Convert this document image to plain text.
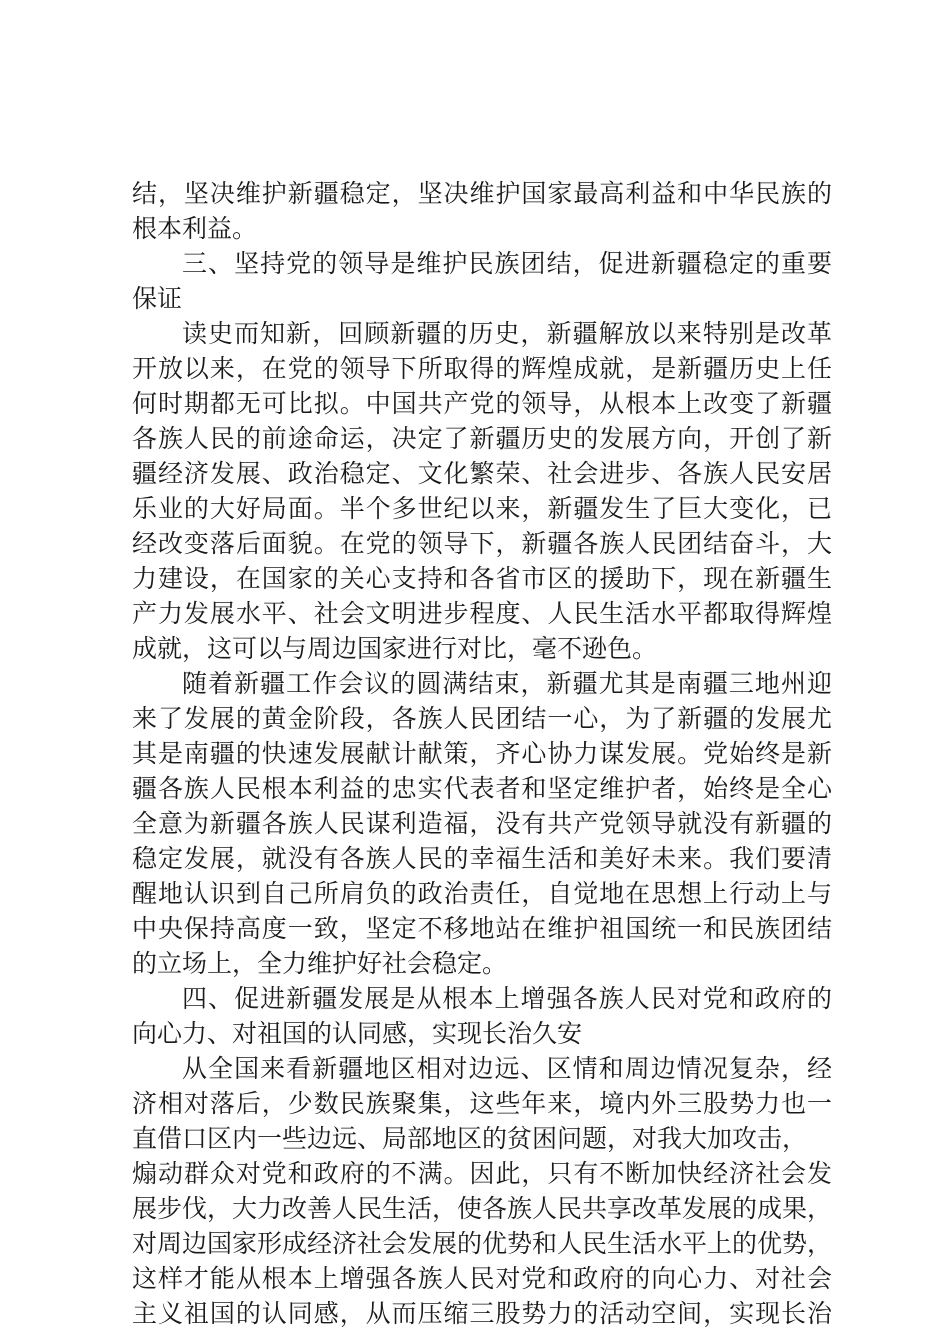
结，坚决维护新疆稳定，坚决维护国家最高利益和中华民族的
根本利益。
三、坚持党的领导是维护民族团结，促进新疆稳定的重要
保证
读史而知新，回顾新疆的历史，新疆解放以来特别是改革
开放以来，在党的领导下所取得的辉煌成就，是新疆历史上任
何时期都无可比拟。中国共产党的领导，从根本上改变了新疆
各族人民的前途命运，决定了新疆历史的发展方向，开创了新
疆经济发展、政治稳定、文化繁荣、社会进步、各族人民安居
乐业的大好局面。半个多世纪以来，新疆发生了巨大变化，已
经改变落后面貌。在党的领导下，新疆各族人民团结奋斗，大
力建设，在国家的关心支持和各省市区的援助下，现在新疆生
产力发展水平、社会文明进步程度、人民生活水平都取得辉煌
成就，这可以与周边国家进行对比，毫不逊色。
随着新疆工作会议的圆满结束，新疆尤其是南疆三地州迎
来了发展的黄金阶段，各族人民团结一心，为了新疆的发展尤
其是南疆的快速发展献计献策，齐心协力谋发展。党始终是新
疆各族人民根本利益的忠实代表者和坚定维护者，始终是全心
全意为新疆各族人民谋利造福，没有共产党领导就没有新疆的
稳定发展，就没有各族人民的幸福生活和美好未来。我们要清
醒地认识到自己所肩负的政治责任，自觉地在思想上行动上与
中央保持高度一致，坚定不移地站在维护祖国统一和民族团结
的立场上，全力维护好社会稳定。
四、促进新疆发展是从根本上增强各族人民对党和政府的
向心力、对祖国的认同感，实现长治久安
从全国来看新疆地区相对边远、区情和周边情况复杂，经
济相对落后，少数民族聚集，这些年来，境内外三股势力也一
直借口区内一些边远、局部地区的贫困问题，对我大加攻击，
煽动群众对党和政府的不满。因此，只有不断加快经济社会发
展步伐，大力改善人民生活，使各族人民共享改革发展的成果，
对周边国家形成经济社会发展的优势和人民生活水平上的优势，
这样才能从根本上增强各族人民对党和政府的向心力、对社会
主义祖国的认同感，从而压缩三股势力的活动空间，实现长治
